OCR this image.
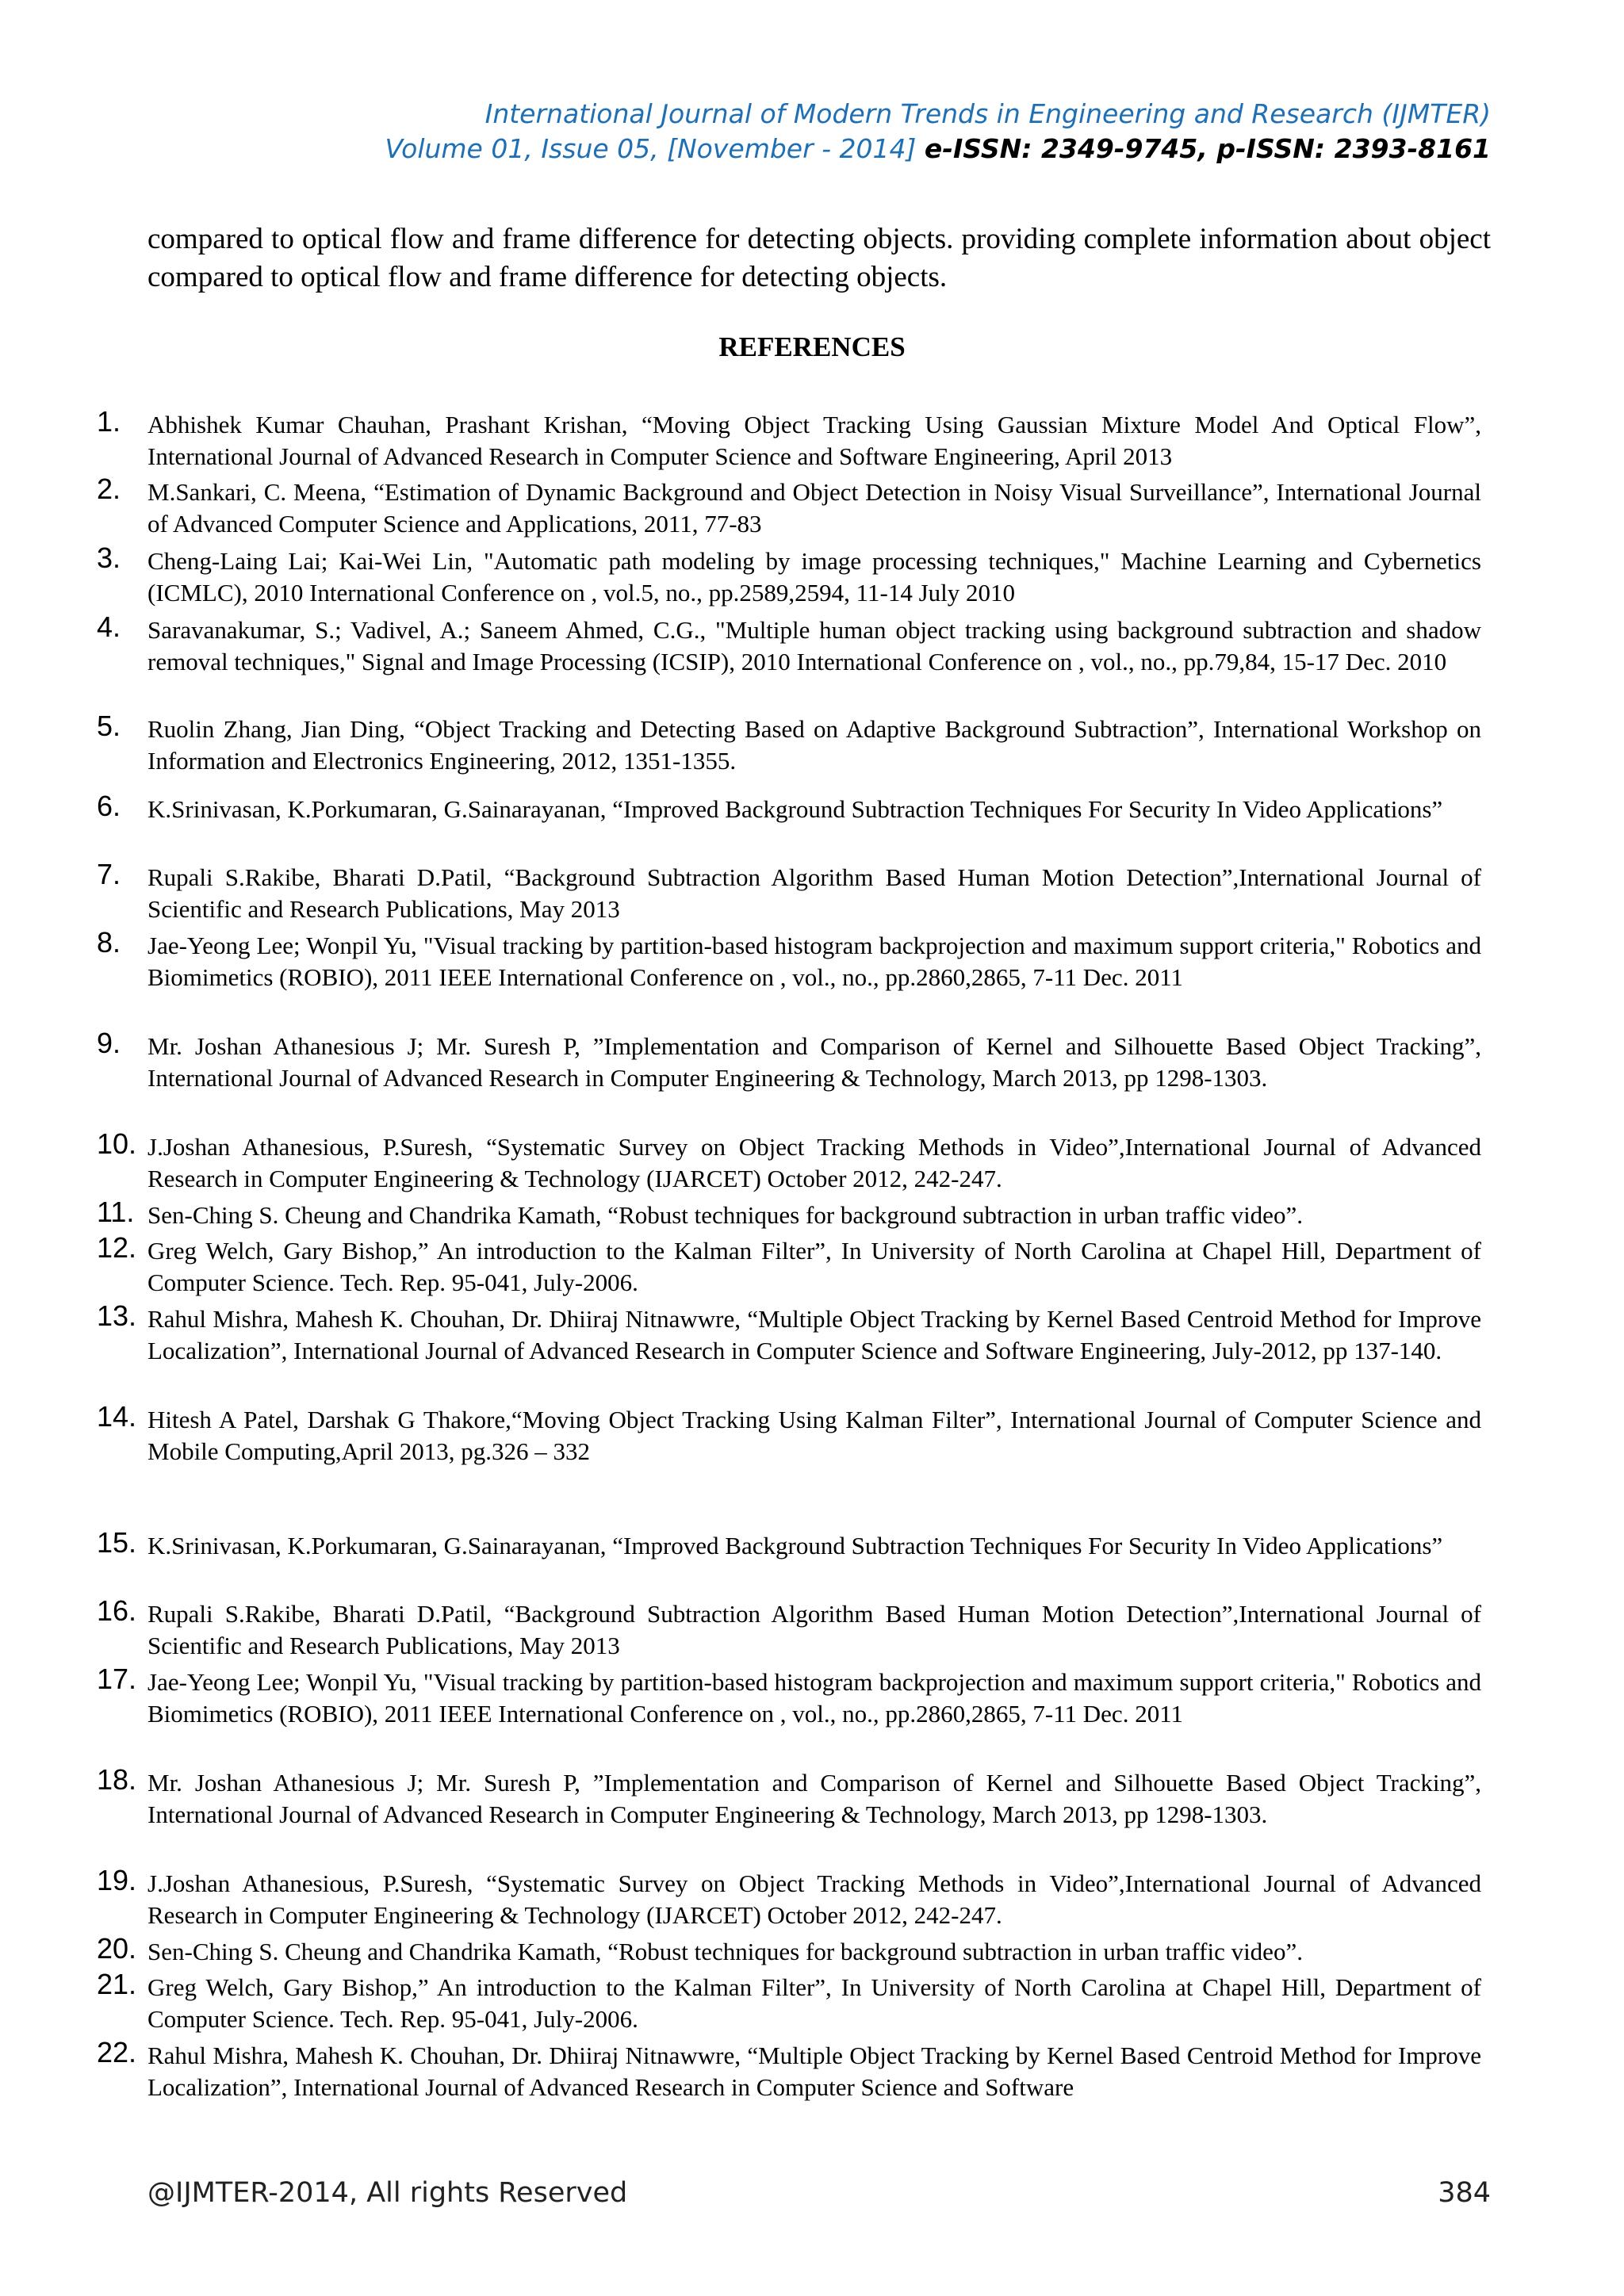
International Journal of Modern Trends in Engineering and Research (IJMTER)
Volume 01, Issue 05, [November - 2014] e-ISSN: 2349-9745, p-ISSN: 2393-8161
compared to optical flow and frame difference for detecting objects. providing complete information about object compared to optical flow and frame difference for detecting objects.
REFERENCES
1.	Abhishek Kumar Chauhan, Prashant Krishan, “Moving Object Tracking Using Gaussian Mixture Model And Optical Flow”, International Journal of Advanced Research in Computer Science and Software Engineering, April 2013
2.	M.Sankari, C. Meena, “Estimation of Dynamic Background and Object Detection in Noisy Visual Surveillance”, International Journal of Advanced Computer Science and Applications, 2011, 77-83
3.	Cheng-Laing Lai; Kai-Wei Lin, "Automatic path modeling by image processing techniques," Machine Learning and Cybernetics (ICMLC), 2010 International Conference on , vol.5, no., pp.2589,2594, 11-14 July 2010
4.	Saravanakumar, S.; Vadivel, A.; Saneem Ahmed, C.G., "Multiple human object tracking using background subtraction and shadow removal techniques," Signal and Image Processing (ICSIP), 2010 International Conference on , vol., no., pp.79,84, 15-17 Dec. 2010
5.	Ruolin Zhang, Jian Ding, “Object Tracking and Detecting Based on Adaptive Background Subtraction”, International Workshop on Information and Electronics Engineering, 2012, 1351-1355.
6.	K.Srinivasan, K.Porkumaran, G.Sainarayanan, “Improved Background Subtraction Techniques For Security In Video Applications”
7.	Rupali S.Rakibe, Bharati D.Patil, “Background Subtraction Algorithm Based Human Motion Detection”,International Journal of Scientific and Research Publications, May 2013
8.	Jae-Yeong Lee; Wonpil Yu, "Visual tracking by partition-based histogram backprojection and maximum support criteria," Robotics and Biomimetics (ROBIO), 2011 IEEE International Conference on , vol., no., pp.2860,2865, 7-11 Dec. 2011
9.	Mr. Joshan Athanesious J; Mr. Suresh P, ”Implementation and Comparison of Kernel and Silhouette Based Object Tracking”, International Journal of Advanced Research in Computer Engineering & Technology, March 2013, pp 1298-1303.
10. J.Joshan Athanesious, P.Suresh, “Systematic Survey on Object Tracking Methods in Video”,International Journal of Advanced Research in Computer Engineering & Technology (IJARCET) October 2012, 242-247.
11. Sen-Ching S. Cheung and Chandrika Kamath, “Robust techniques for background subtraction in urban traffic video”.
12. Greg Welch, Gary Bishop,” An introduction to the Kalman Filter”, In University of North Carolina at Chapel Hill, Department of Computer Science. Tech. Rep. 95-041, July-2006.
13. Rahul Mishra, Mahesh K. Chouhan, Dr. Dhiiraj Nitnawwre, “Multiple Object Tracking by Kernel Based Centroid Method for Improve Localization”, International Journal of Advanced Research in Computer Science and Software Engineering, July-2012, pp 137-140.
14. Hitesh A Patel, Darshak G Thakore,“Moving Object Tracking Using Kalman Filter”, International Journal of Computer Science and Mobile Computing,April 2013, pg.326 – 332
15. K.Srinivasan, K.Porkumaran, G.Sainarayanan, “Improved Background Subtraction Techniques For Security In Video Applications”
16. Rupali S.Rakibe, Bharati D.Patil, “Background Subtraction Algorithm Based Human Motion Detection”,International Journal of Scientific and Research Publications, May 2013
17. Jae-Yeong Lee; Wonpil Yu, "Visual tracking by partition-based histogram backprojection and maximum support criteria," Robotics and Biomimetics (ROBIO), 2011 IEEE International Conference on , vol., no., pp.2860,2865, 7-11 Dec. 2011
18. Mr. Joshan Athanesious J; Mr. Suresh P, ”Implementation and Comparison of Kernel and Silhouette Based Object Tracking”, International Journal of Advanced Research in Computer Engineering & Technology, March 2013, pp 1298-1303.
19. J.Joshan Athanesious, P.Suresh, “Systematic Survey on Object Tracking Methods in Video”,International Journal of Advanced Research in Computer Engineering & Technology (IJARCET) October 2012, 242-247.
20. Sen-Ching S. Cheung and Chandrika Kamath, “Robust techniques for background subtraction in urban traffic video”.
21. Greg Welch, Gary Bishop,” An introduction to the Kalman Filter”, In University of North Carolina at Chapel Hill, Department of Computer Science. Tech. Rep. 95-041, July-2006.
22. Rahul Mishra, Mahesh K. Chouhan, Dr. Dhiiraj Nitnawwre, “Multiple Object Tracking by Kernel Based Centroid Method for Improve Localization”, International Journal of Advanced Research in Computer Science and Software
@IJMTER-2014, All rights Reserved	384
